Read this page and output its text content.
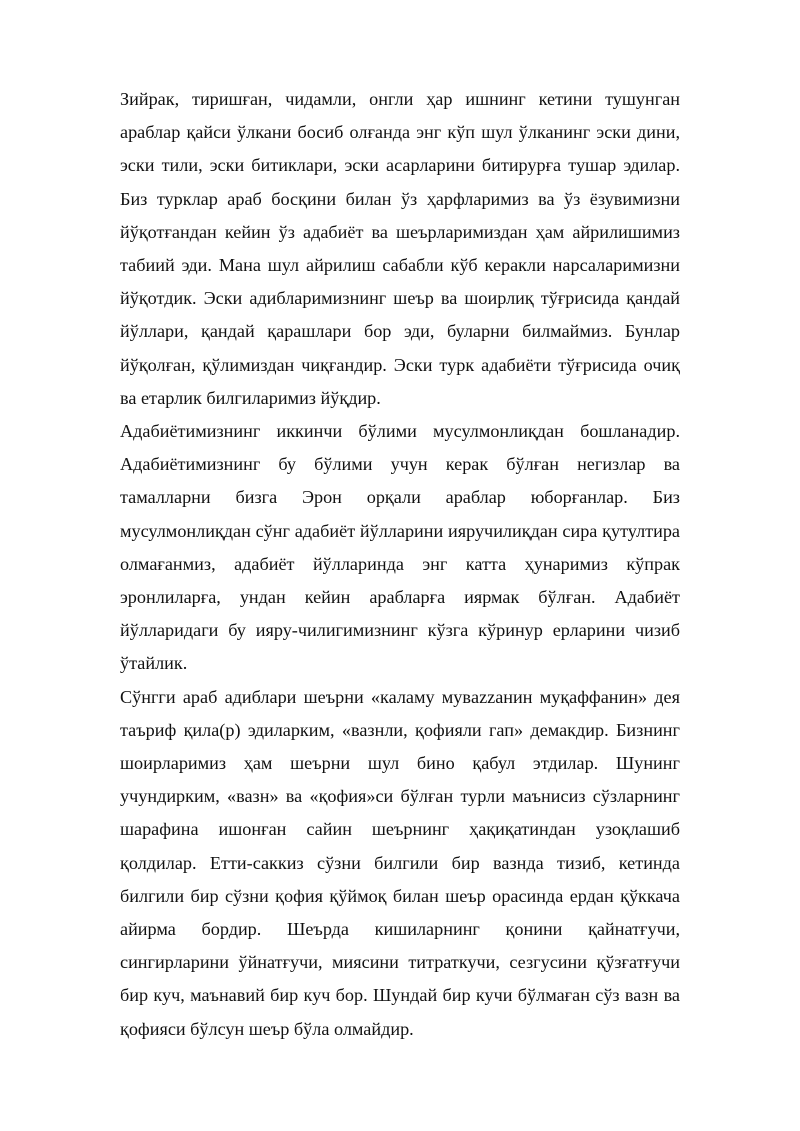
Зийрак, тиришған, чидамли, онгли ҳар ишнинг кетини тушунган араблар қайси ўлкани босиб олғанда энг кўп шул ўлканинг эски дини, эски тили, эски битиклари, эски асарларини битирурға тушар эдилар. Биз турклар араб босқини билан ўз ҳарфларимиз ва ўз ёзувимизни йўқотғандан кейин ўз адабиёт ва шеърларимиздан ҳам айрилишимиз табиий эди. Мана шул айрилиш сабабли кўб керакли нарсаларимизни йўқотдик. Эски адибларимизнинг шеър ва шоирлиқ тўғрисида қандай йўллари, қандай қарашлари бор эди, буларни билмаймиз. Бунлар йўқолған, қўлимиздан чиқғандир. Эски турк адабиёти тўғрисида очиқ ва етарлик билгиларимиз йўқдир.

Адабиётимизнинг иккинчи бўлими мусулмонлиқдан бошланадир. Адабиётимизнинг бу бўлими учун керак бўлған негизлар ва тамалларни бизга Эрон орқали араблар юборғанлар. Биз мусулмонлиқдан сўнг адабиёт йўлларини ияручилиқдан сира қутултира олмағанмиз, адабиёт йўлларинда энг катта ҳунаримиз кўпрак эронлиларға, ундан кейин арабларға иярмак бўлған. Адабиёт йўлларидаги бу ияру-чилигимизнинг кўзга кўринур ерларини чизиб ўтайлик.

Сўнгги араб адиблари шеърни «каламу мувazzанин муқаффанин» дея таъриф қила(р) эдиларким, «вазнли, қофияли гап» демакдир. Бизнинг шоирларимиз ҳам шеърни шул бино қабул этдилар. Шунинг учундирким, «вазн» ва «қофия»си бўлған турли маънисиз сўзларнинг шарафина ишонған сайин шеърнинг ҳақиқатиндан узоқлашиб қолдилар. Етти-саккиз сўзни билгили бир вазнда тизиб, кетинда билгили бир сўзни қофия қўймоқ билан шеър орасинда ердан қўккача айирма бордир. Шеърда кишиларнинг қонини қайнатғучи, сингирларини ўйнатғучи, миясини титраткучи, сезгусини қўзғатғучи бир куч, маънавий бир куч бор. Шундай бир кучи бўлмаған сўз вазн ва қофияси бўлсун шеър бўла олмайдир.
